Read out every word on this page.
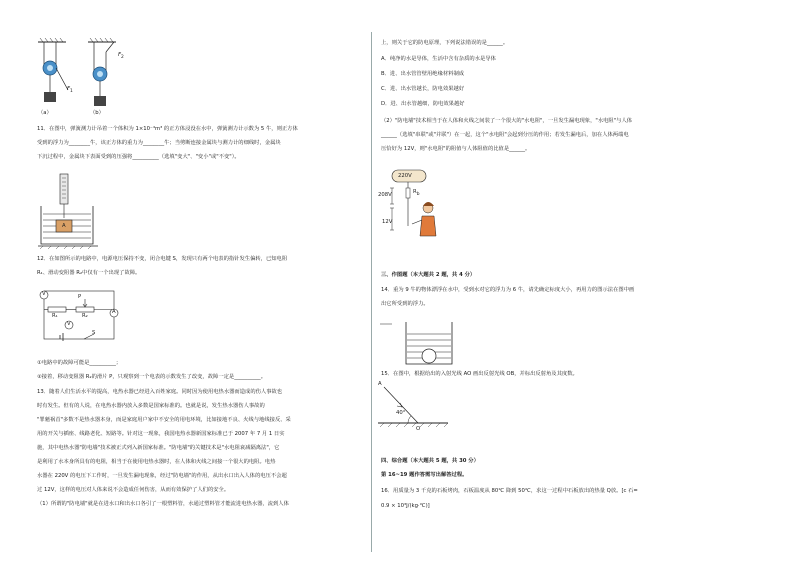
$F_1$
$F_2$
（a）	（b）
11．在图中，弹簧测力计吊着一个体积为 1×10⁻⁴m³ 的正方体浸没在水中，弹簧测力计示数为 5 牛，则正方体
受到的浮力为________牛，该正方体的重力为________牛；当剪断连接金属块与测力计的细线时，金属块
下沉过程中，金属块下表面受到的压强将__________（选填"变大"、"变小"或"不变"）。
A
12．在如图所示的电路中，电源电压保持不变，闭合电键 S，发现只有两个电表的指针发生偏转，已知电阻
R₁、滑动变阻器 R₂中仅有一个出现了故障。
V	P
A
R₁	R₂
V
S
①电路中的故障可能是__________；
②接着，移动变阻器 R₂的滑片 P，只观察到一个电表的示数发生了改变，故障一定是__________。
13．随着人们生活水平的提高，电热水器已经进入百姓家庭。同时因为使用电热水器而造成的伤人事故也
时有发生。但有的人说，在电热水器内放入多数是国家标准的。也就是说，发生热水器伤人事故的
"罪魁祸首"多数不是热水器本身，而是家庭用户家中不安全的用电环境，比如接地不良、火线与地线接反、采
用的开关与插座、线路老化、短路等。针对这一现象，我国电热水器新国家标准已于 2007 年 7 月 1 日实
施，其中电热水器"防电墙"技术被正式列入新国家标准。"防电墙"的关键技术是"水电阻衰减隔离法"，它
是利用了水本身所具有的电阻，相当于在使用电热水器时，在人体和火线之间接一个很大的电阻。电热
水器在 220V 的电压下工作时，一旦发生漏电现象，经过"防电墙"的作用，从出水口出入人体的电压不会超
过 12V，这样的电压对人体来说不会造成任何伤害，从而有效保护了人们的安全。
（1）所谓的"防电墙"就是在进水口和出水口各引了一根塑料管，水通过塑料管才能流进电热水器，流到人体
上，则关于它的防电原理，下列说法错误的是______。
A．纯净的水是导体，生活中含有杂质的水是导体
B．进、出水管管壁用绝缘材料制成
C．进、出水管越长，防电效果越好
D．进、出水管越细，防电效果越好
（2）"防电墙"技术相当于在人体和火线之间装了一个很大的"水电阻"，一旦发生漏电现象，"水电阻"与人体
______（选填"串联"或"并联"）在一起，这个"水电阻"会起到分压的作用；若发生漏电后，加在人体两端电
压恰好为 12V，则"水电阻"的阻值与人体阻值的比值是______。
220V
$R_b$
208V
12V
三、作图题（本大题共 2 题，共 4 分）
14．重为 9 牛的物体漂浮在水中，受到水对它的浮力为 6 牛，请先确定标度大小，再用力的图示法在图中画
出它所受到的浮力。
15．在图中，根据给出的入射光线 AO 画出反射光线 OB，并标出反射角及其度数。
A
40°
O
四、综合题（本大题共 5 题，共 30 分）
第 16~19 题作答需写出解答过程。
16．用质量为 3 千克的石板烤肉，石板温度从 80℃ 降到 50℃，求这一过程中石板放出的热量 Q放。[c 石=
0.9 × 10³J/(kg·℃)]
